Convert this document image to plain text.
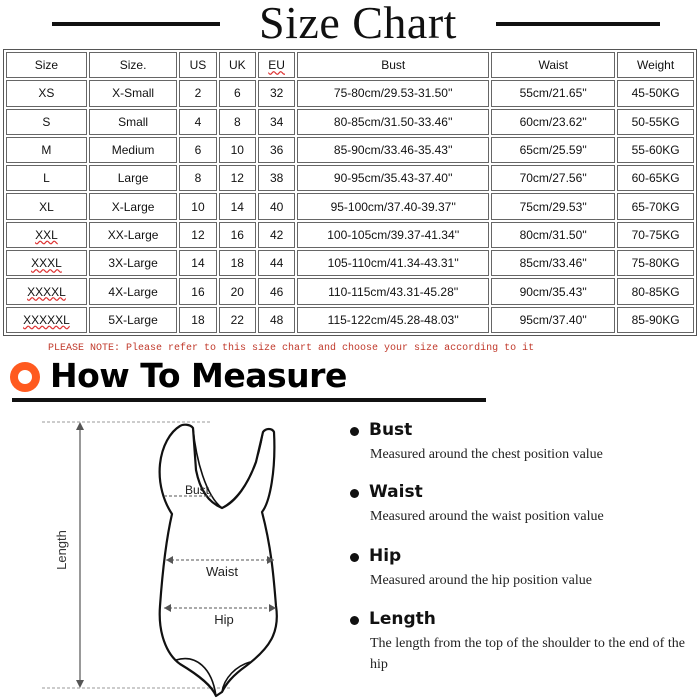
Size Chart
Size	Size.	US	UK	EU	Bust	Waist	Weight
XS	X-Small	2	6	32	75-80cm/29.53-31.50''	55cm/21.65''	45-50KG
S	Small	4	8	34	80-85cm/31.50-33.46''	60cm/23.62''	50-55KG
M	Medium	6	10	36	85-90cm/33.46-35.43''	65cm/25.59''	55-60KG
L	Large	8	12	38	90-95cm/35.43-37.40''	70cm/27.56''	60-65KG
XL	X-Large	10	14	40	95-100cm/37.40-39.37''	75cm/29.53''	65-70KG
XXL	XX-Large	12	16	42	100-105cm/39.37-41.34''	80cm/31.50''	70-75KG
XXXL	3X-Large	14	18	44	105-110cm/41.34-43.31''	85cm/33.46''	75-80KG
XXXXL	4X-Large	16	20	46	110-115cm/43.31-45.28''	90cm/35.43''	80-85KG
XXXXXL	5X-Large	18	22	48	115-122cm/45.28-48.03''	95cm/37.40''	85-90KG
PLEASE NOTE: Please refer to this size chart and choose your size according to it
How To Measure
Length
Bust
Waist
Hip
Bust
Measured around the chest position value
Waist
Measured around the waist position value
Hip
Measured around the hip position value
Length
The length from the top of the shoulder to the end of the hip
